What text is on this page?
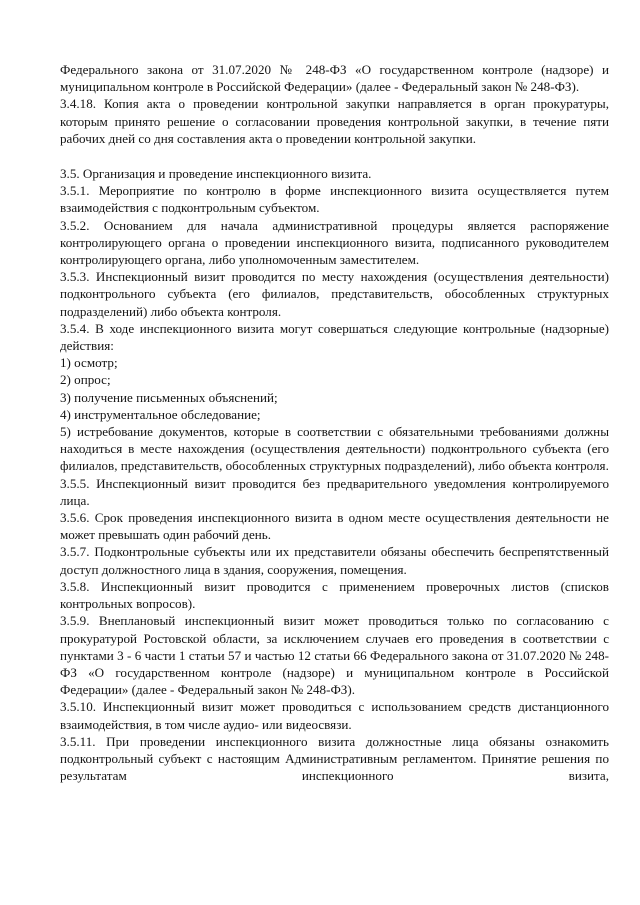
Федерального закона от 31.07.2020 № 248-ФЗ «О государственном контроле (надзоре) и муниципальном контроле в Российской Федерации» (далее - Федеральный закон № 248-ФЗ).

3.4.18. Копия акта о проведении контрольной закупки направляется в орган прокуратуры, которым принято решение о согласовании проведения контрольной закупки, в течение пяти рабочих дней со дня составления акта о проведении контрольной закупки.

3.5. Организация и проведение инспекционного визита.

3.5.1. Мероприятие по контролю в форме инспекционного визита осуществляется путем взаимодействия с подконтрольным субъектом.

3.5.2. Основанием для начала административной процедуры является распоряжение контролирующего органа о проведении инспекционного визита, подписанного руководителем контролирующего органа, либо уполномоченным заместителем.

3.5.3. Инспекционный визит проводится по месту нахождения (осуществления деятельности) подконтрольного субъекта (его филиалов, представительств, обособленных структурных подразделений) либо объекта контроля.

3.5.4. В ходе инспекционного визита могут совершаться следующие контрольные (надзорные) действия:

1) осмотр;

2) опрос;

3) получение письменных объяснений;

4) инструментальное обследование;

5) истребование документов, которые в соответствии с обязательными требованиями должны находиться в месте нахождения (осуществления деятельности) подконтрольного субъекта (его филиалов, представительств, обособленных структурных подразделений), либо объекта контроля.

3.5.5. Инспекционный визит проводится без предварительного уведомления контролируемого лица.

3.5.6. Срок проведения инспекционного визита в одном месте осуществления деятельности не может превышать один рабочий день.

3.5.7. Подконтрольные субъекты или их представители обязаны обеспечить беспрепятственный доступ должностного лица в здания, сооружения, помещения.

3.5.8. Инспекционный визит проводится с применением проверочных листов (списков контрольных вопросов).

3.5.9. Внеплановый инспекционный визит может проводиться только по согласованию с прокуратурой Ростовской области, за исключением случаев его проведения в соответствии с пунктами 3 - 6 части 1 статьи 57 и частью 12 статьи 66 Федерального закона от 31.07.2020 № 248-ФЗ «О государственном контроле (надзоре) и муниципальном контроле в Российской Федерации» (далее - Федеральный закон № 248-ФЗ).

3.5.10. Инспекционный визит может проводиться с использованием средств дистанционного взаимодействия, в том числе аудио- или видеосвязи.

3.5.11. При проведении инспекционного визита должностные лица обязаны ознакомить подконтрольный субъект с настоящим Административным регламентом. Принятие решения по результатам инспекционного визита,
